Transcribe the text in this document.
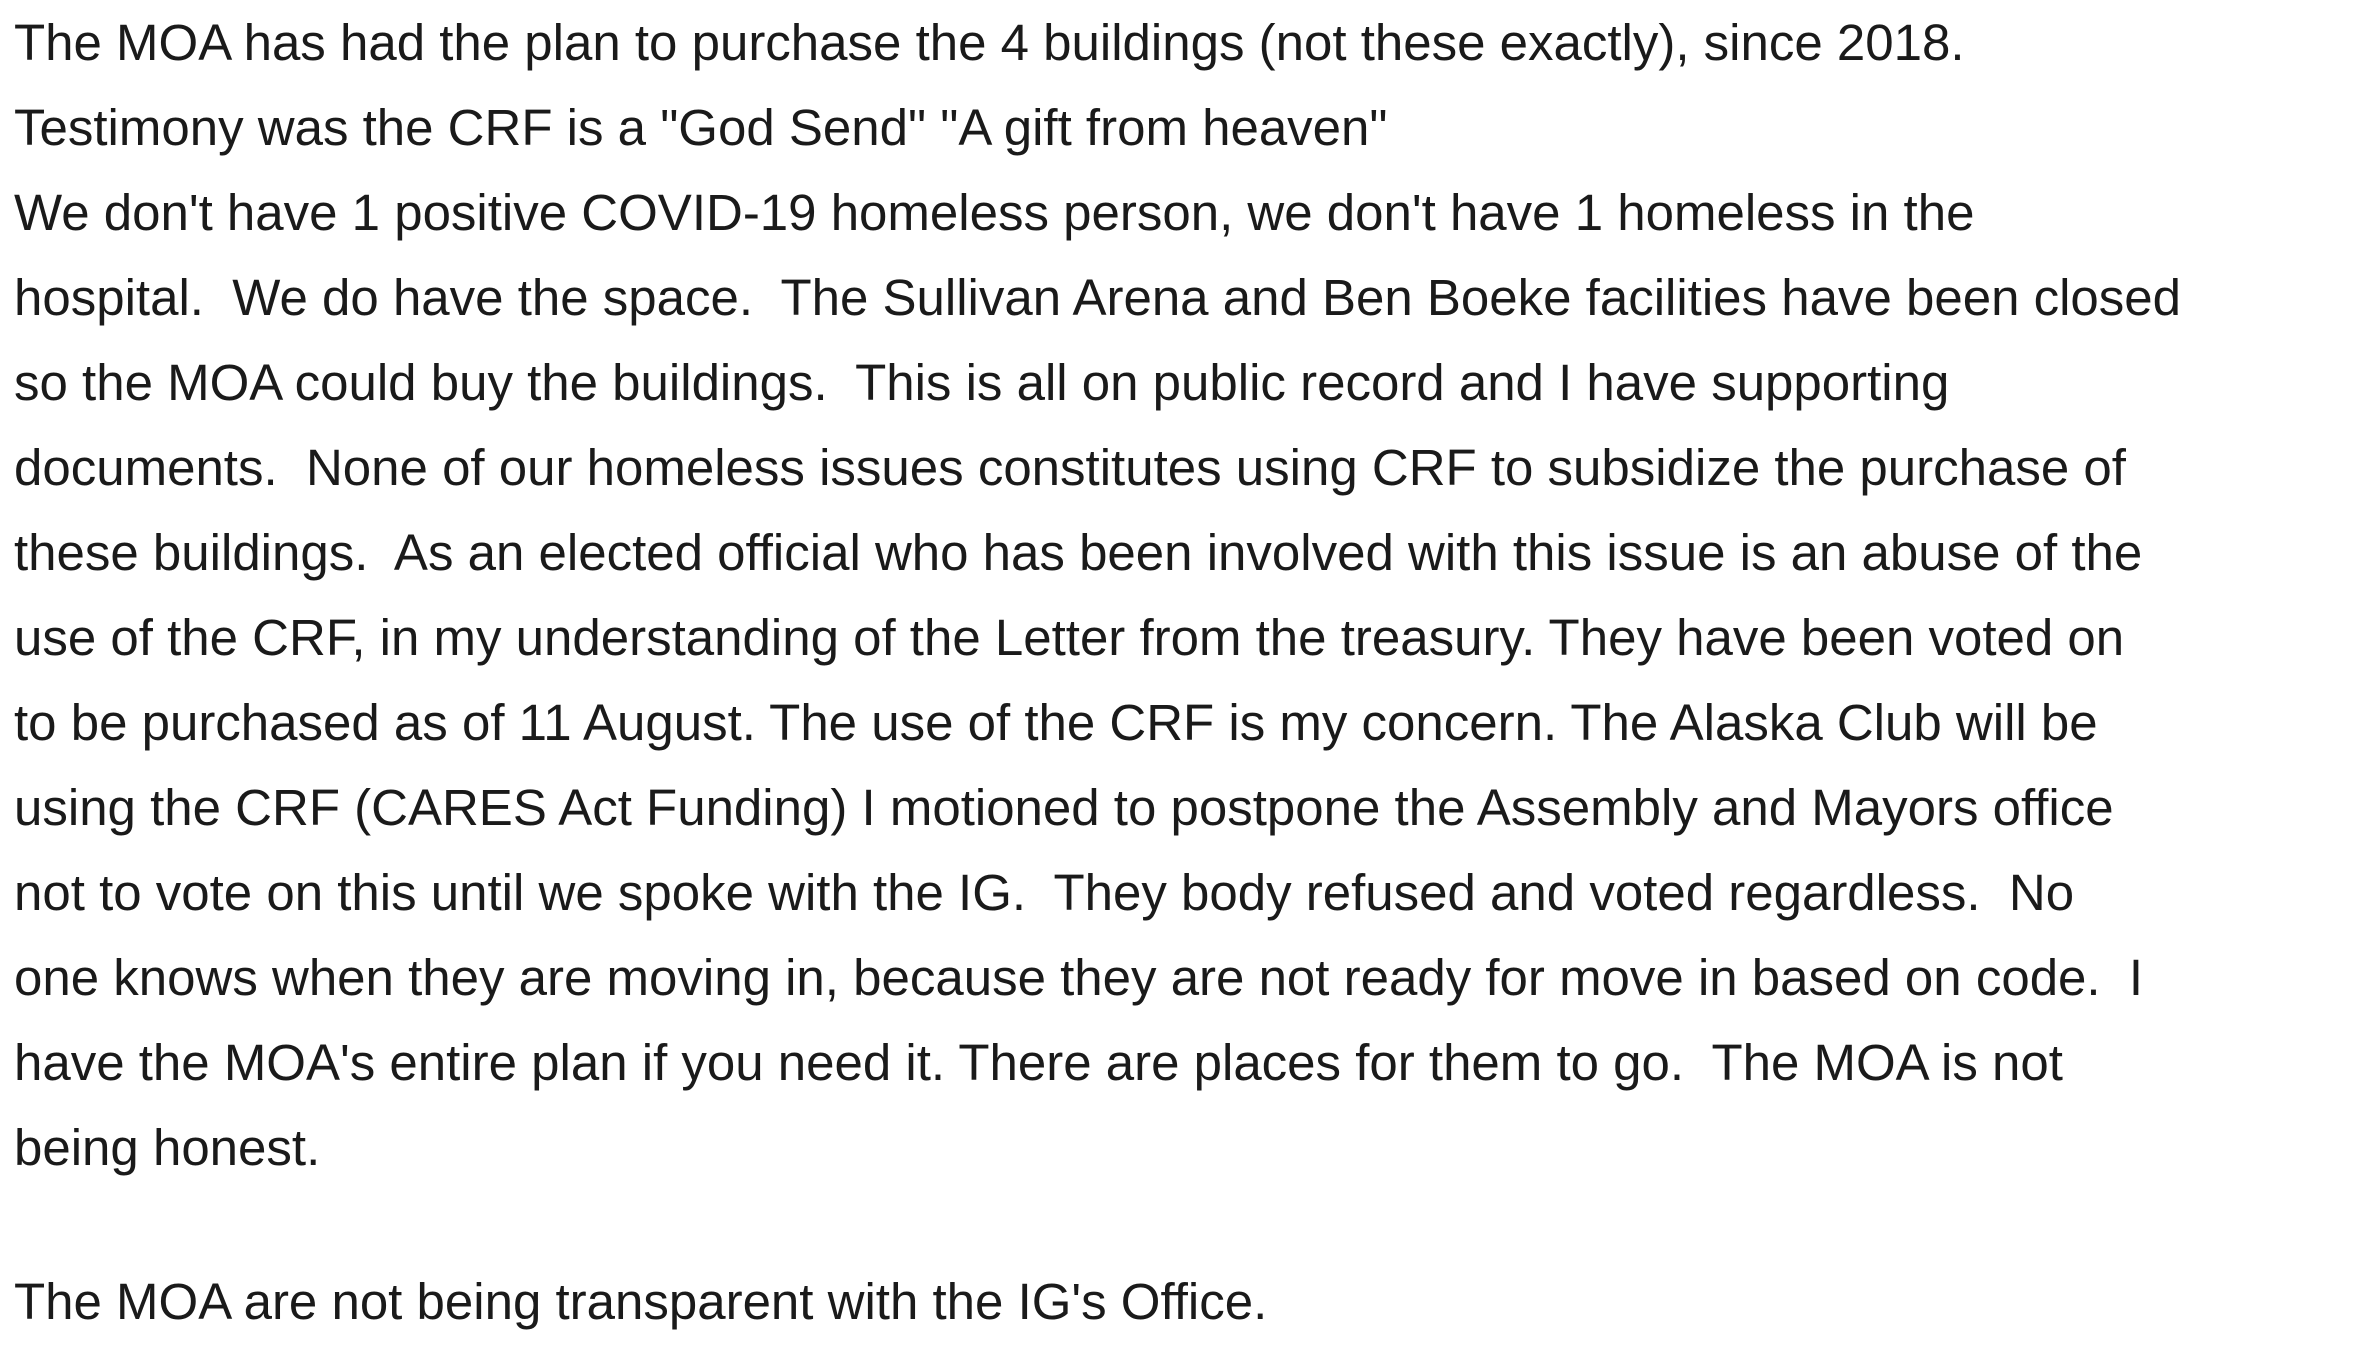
The MOA has had the plan to purchase the 4 buildings (not these exactly), since 2018.
Testimony was the CRF is a "God Send" "A gift from heaven"
We don't have 1 positive COVID-19 homeless person, we don't have 1 homeless in the
hospital.  We do have the space.  The Sullivan Arena and Ben Boeke facilities have been closed
so the MOA could buy the buildings.  This is all on public record and I have supporting
documents.  None of our homeless issues constitutes using CRF to subsidize the purchase of
these buildings.  As an elected official who has been involved with this issue is an abuse of the
use of the CRF, in my understanding of the Letter from the treasury. They have been voted on
to be purchased as of 11 August. The use of the CRF is my concern. The Alaska Club will be
using the CRF (CARES Act Funding) I motioned to postpone the Assembly and Mayors office
not to vote on this until we spoke with the IG.  They body refused and voted regardless.  No
one knows when they are moving in, because they are not ready for move in based on code.  I
have the MOA's entire plan if you need it. There are places for them to go.  The MOA is not
being honest.

The MOA are not being transparent with the IG's Office.
